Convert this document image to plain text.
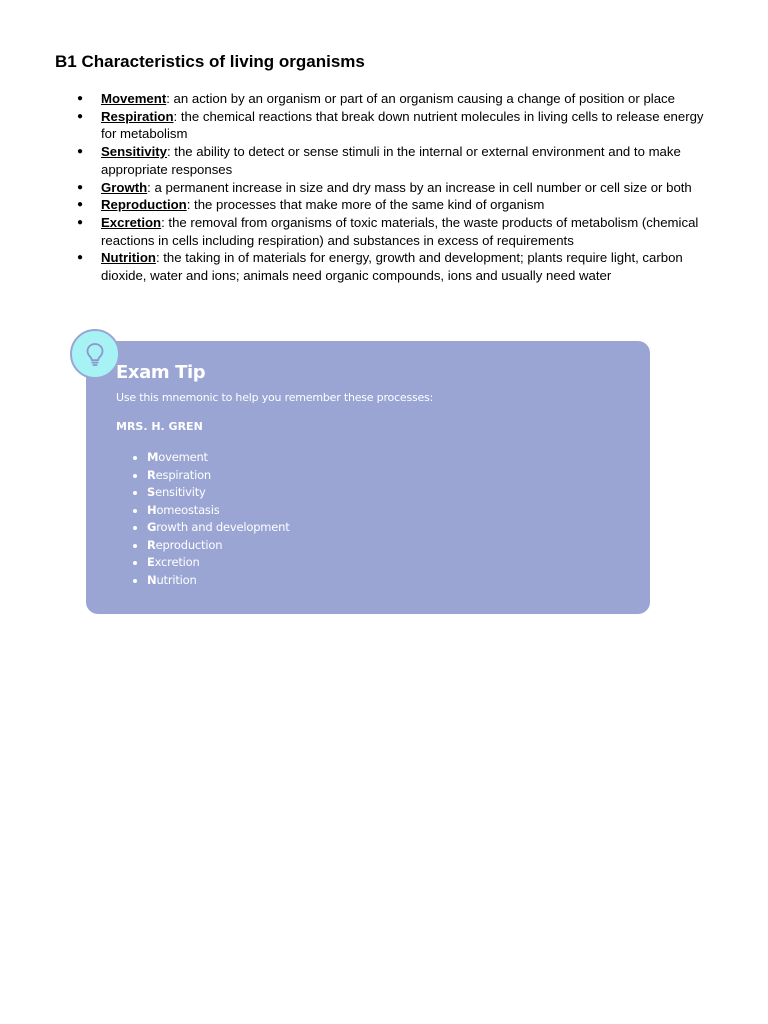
B1 Characteristics of living organisms
● Movement: an action by an organism or part of an organism causing a change of position or place
● Respiration: the chemical reactions that break down nutrient molecules in living cells to release energy for metabolism
● Sensitivity: the ability to detect or sense stimuli in the internal or external environment and to make appropriate responses
● Growth: a permanent increase in size and dry mass by an increase in cell number or cell size or both
● Reproduction: the processes that make more of the same kind of organism
● Excretion: the removal from organisms of toxic materials, the waste products of metabolism (chemical reactions in cells including respiration) and substances in excess of requirements
● Nutrition: the taking in of materials for energy, growth and development; plants require light, carbon dioxide, water and ions; animals need organic compounds, ions and usually need water
Exam Tip

Use this mnemonic to help you remember these processes:

MRS. H. GREN

Movement
Respiration
Sensitivity
Homeostasis
Growth and development
Reproduction
Excretion
Nutrition
